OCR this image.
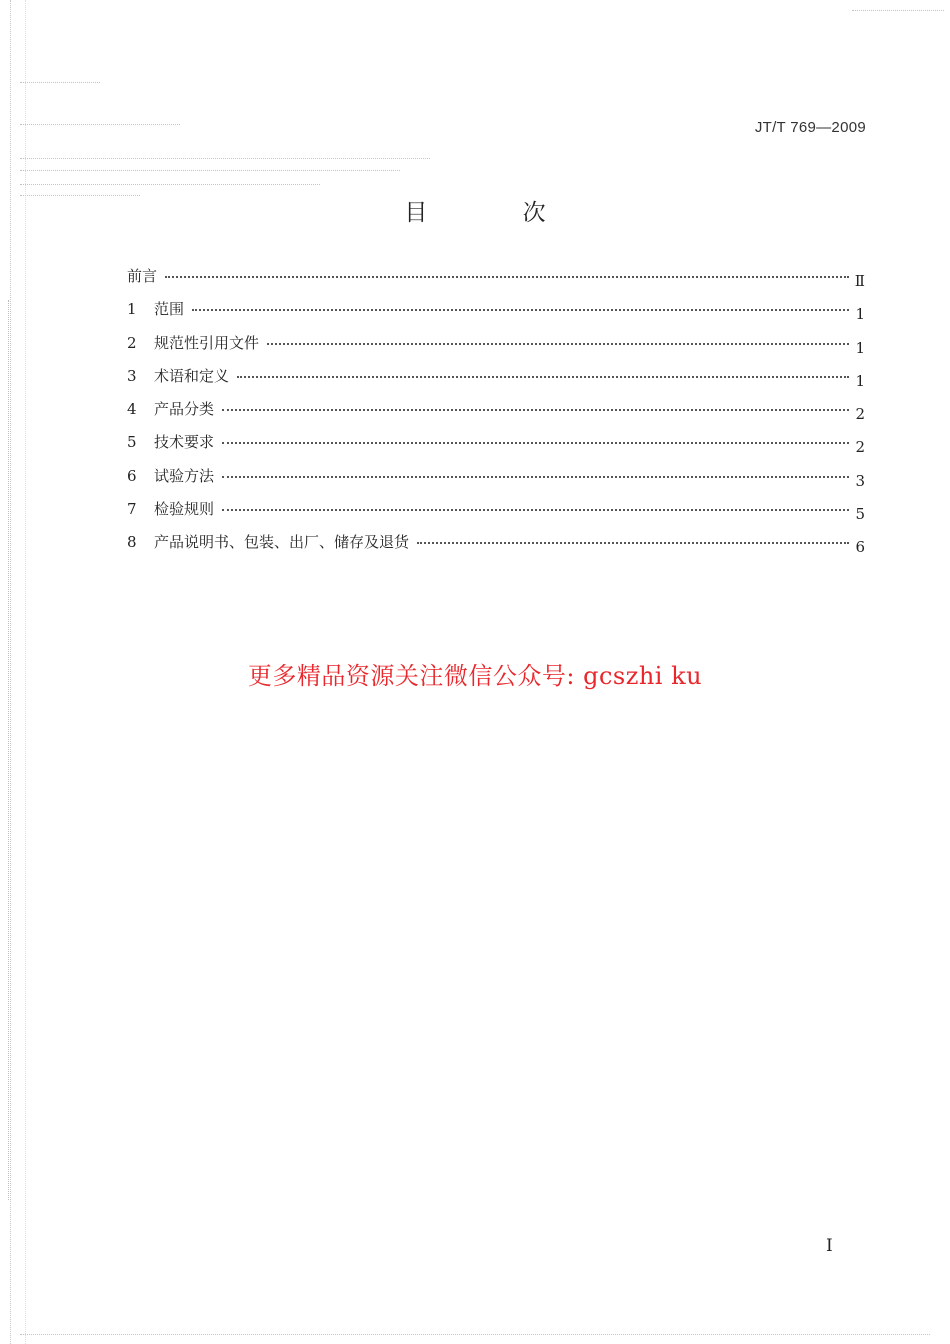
JT/T 769—2009
目 次
前言	Ⅱ
1	范围	1
2	规范性引用文件	1
3	术语和定义	1
4	产品分类	2
5	技术要求	2
6	试验方法	3
7	检验规则	5
8	产品说明书、包装、出厂、储存及退货	6
更多精品资源关注微信公众号: gcszhi ku
I
